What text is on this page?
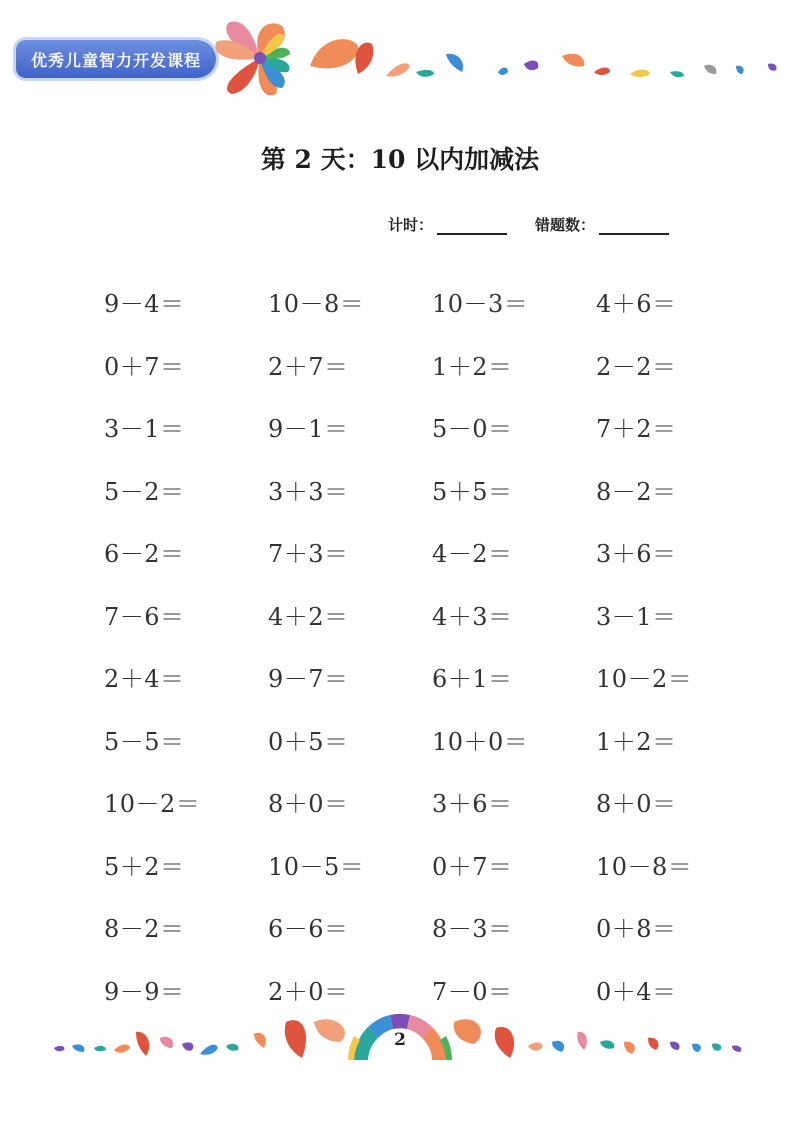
优秀儿童智力开发课程
第 2 天：10 以内加减法
计时：	错题数：
9－4＝	10－8＝	10－3＝	4＋6＝
0＋7＝	2＋7＝	1＋2＝	2－2＝
3－1＝	9－1＝	5－0＝	7＋2＝
5－2＝	3＋3＝	5＋5＝	8－2＝
6－2＝	7＋3＝	4－2＝	3＋6＝
7－6＝	4＋2＝	4＋3＝	3－1＝
2＋4＝	9－7＝	6＋1＝	10－2＝
5－5＝	0＋5＝	10＋0＝	1＋2＝
10－2＝	8＋0＝	3＋6＝	8＋0＝
5＋2＝	10－5＝	0＋7＝	10－8＝
8－2＝	6－6＝	8－3＝	0＋8＝
9－9＝	2＋0＝	7－0＝	0＋4＝
2
